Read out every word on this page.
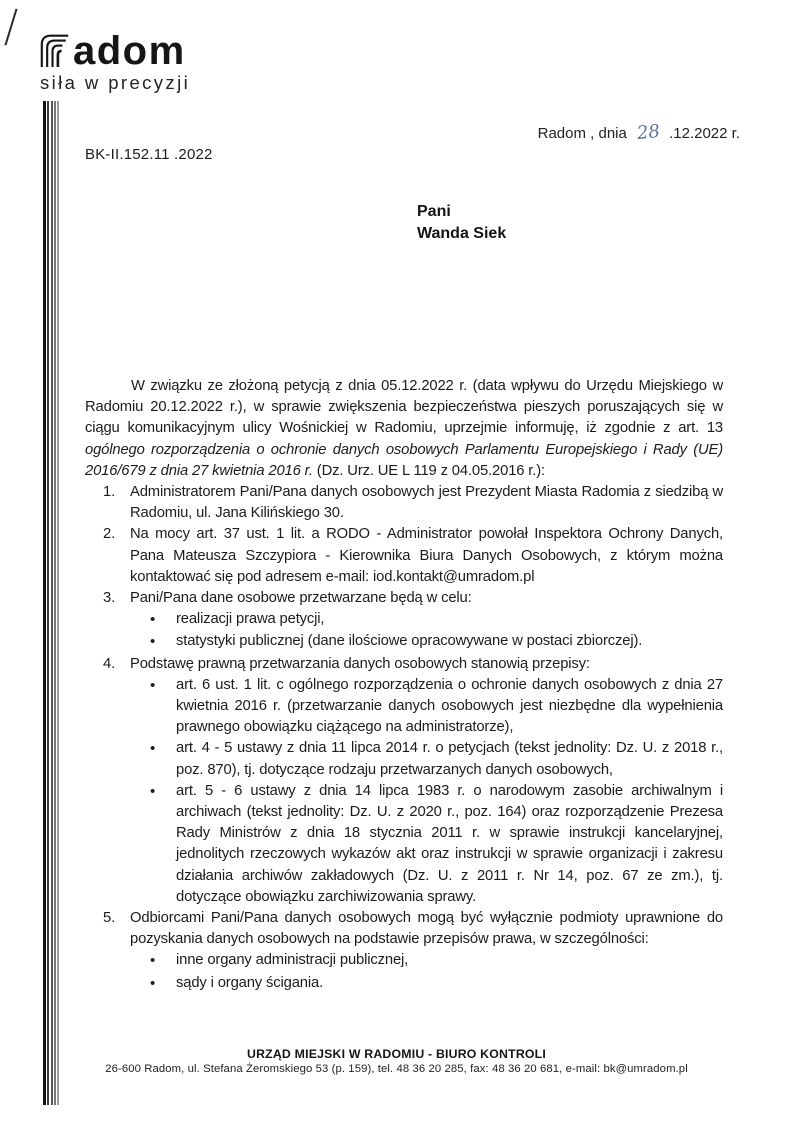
adom
siła w precyzji
Radom , dnia 28 .12.2022 r.
BK-II.152.11 .2022
Pani
Wanda Siek

W związku ze złożoną petycją z dnia 05.12.2022 r. (data wpływu do Urzędu Miejskiego w Radomiu 20.12.2022 r.), w sprawie zwiększenia bezpieczeństwa pieszych poruszających się w ciągu komunikacyjnym ulicy Wośnickiej w Radomiu, uprzejmie informuję, iż zgodnie z art. 13 ogólnego rozporządzenia o ochronie danych osobowych Parlamentu Europejskiego i Rady (UE) 2016/679 z dnia 27 kwietnia 2016 r. (Dz. Urz. UE L 119 z 04.05.2016 r.):

1.	Administratorem Pani/Pana danych osobowych jest Prezydent Miasta Radomia z siedzibą w Radomiu, ul. Jana Kilińskiego 30.
2.	Na mocy art. 37 ust. 1 lit. a RODO - Administrator powołał Inspektora Ochrony Danych, Pana Mateusza Szczypiora - Kierownika Biura Danych Osobowych, z którym można kontaktować się pod adresem e-mail: iod.kontakt@umradom.pl
3.	Pani/Pana dane osobowe przetwarzane będą w celu:
•
realizacji prawa petycji,
•
statystyki publicznej (dane ilościowe opracowywane w postaci zbiorczej).
4.	Podstawę prawną przetwarzania danych osobowych stanowią przepisy:
•
art. 6 ust. 1 lit. c ogólnego rozporządzenia o ochronie danych osobowych z dnia 27 kwietnia 2016 r. (przetwarzanie danych osobowych jest niezbędne dla wypełnienia prawnego obowiązku ciążącego na administratorze),
•
art. 4 - 5 ustawy z dnia 11 lipca 2014 r. o petycjach (tekst jednolity: Dz. U. z 2018 r., poz. 870), tj. dotyczące rodzaju przetwarzanych danych osobowych,
•
art. 5 - 6 ustawy z dnia 14 lipca 1983 r. o narodowym zasobie archiwalnym i archiwach (tekst jednolity: Dz. U. z 2020 r., poz. 164) oraz rozporządzenie Prezesa Rady Ministrów z dnia 18 stycznia 2011 r. w sprawie instrukcji kancelaryjnej, jednolitych rzeczowych wykazów akt oraz instrukcji w sprawie organizacji i zakresu działania archiwów zakładowych (Dz. U. z 2011 r. Nr 14, poz. 67 ze zm.), tj. dotyczące obowiązku zarchiwizowania sprawy.
5.	Odbiorcami Pani/Pana danych osobowych mogą być wyłącznie podmioty uprawnione do pozyskania danych osobowych na podstawie przepisów prawa, w szczególności:
•
inne organy administracji publicznej,
•
sądy i organy ścigania.
URZĄD MIEJSKI W RADOMIU - BIURO KONTROLI
26-600 Radom, ul. Stefana Żeromskiego 53 (p. 159), tel. 48 36 20 285, fax: 48 36 20 681, e-mail: bk@umradom.pl
